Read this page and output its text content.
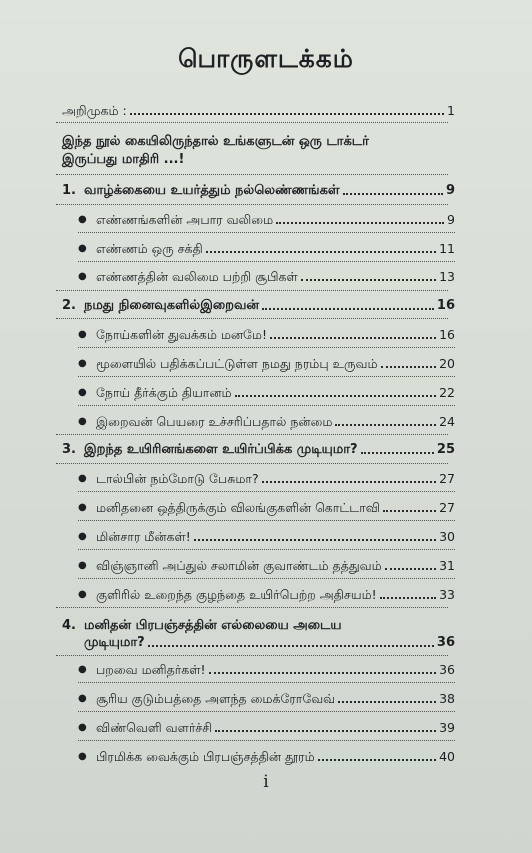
பொருளடக்கம்
அறிமுகம் :	1
இந்த நூல் கையிலிருந்தால் உங்களுடன் ஒரு டாக்டர்
இருப்பது மாதிரி ...!
1. வாழ்க்கையை உயர்த்தும் நல்லெண்ணங்கள்	9
● எண்ணங்களின் அபார வலிமை	9
● எண்ணம் ஒரு சக்தி	11
● எண்ணத்தின் வலிமை பற்றி சூபிகள்	13
2. நமது நினைவுகளில்இறைவன்	16
● நோய்களின் துவக்கம் மனமே!	16
● மூளையில் பதிக்கப்பட்டுள்ள நமது நரம்பு உருவம்	20
● நோய் தீர்க்கும் தியானம்	22
● இறைவன் பெயரை உச்சரிப்பதால் நன்மை	24
3. இறந்த உயிரினங்களை உயிர்ப்பிக்க முடியுமா?	25
● டால்பின் நம்மோடு பேசுமா?	27
● மனிதனை ஒத்திருக்கும் விலங்குகளின் கொட்டாவி	27
● மின்சார மீன்கள்!	30
● விஞ்ஞானி அப்துல் சலாமின் குவாண்டம் தத்துவம்	31
● குளிரில் உறைந்த குழந்தை உயிர்பெற்ற அதிசயம்!	33
4. மனிதன் பிரபஞ்சத்தின் எல்லையை அடைய
முடியுமா?	36
● பறவை மனிதர்கள்!	36
● சூரிய குடும்பத்தை அளந்த மைக்ரோவேவ்	38
● விண்வெளி வளர்ச்சி	39
● பிரமிக்க வைக்கும் பிரபஞ்சத்தின் தூரம்	40
i
